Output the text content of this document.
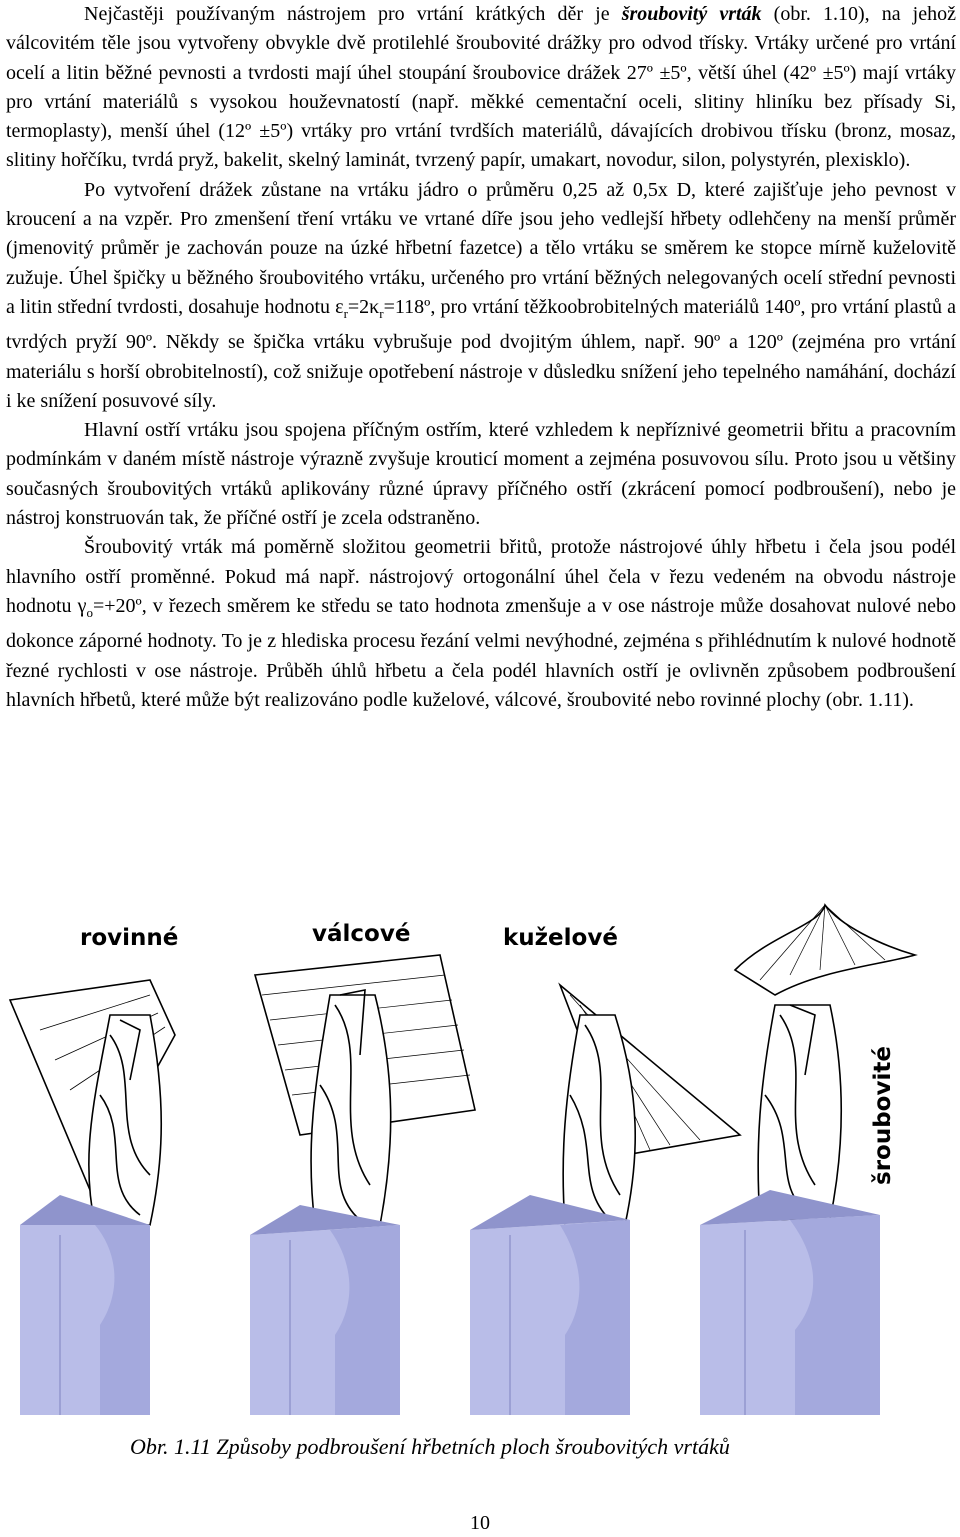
Nejčastěji používaným nástrojem pro vrtání krátkých děr je šroubovitý vrták (obr. 1.10), na jehož válcovitém těle jsou vytvořeny obvykle dvě protilehlé šroubovité drážky pro odvod třísky. Vrtáky určené pro vrtání ocelí a litin běžné pevnosti a tvrdosti mají úhel stoupání šroubovice drážek 27º ±5º, větší úhel (42º ±5º) mají vrtáky pro vrtání materiálů s vysokou houževnatostí (např. měkké cementační oceli, slitiny hliníku bez přísady Si, termoplasty), menší úhel (12º ±5º) vrtáky pro vrtání tvrdších materiálů, dávajících drobivou třísku (bronz, mosaz, slitiny hořčíku, tvrdá pryž, bakelit, skelný laminát, tvrzený papír, umakart, novodur, silon, polystyrén, plexisklo).

Po vytvoření drážek zůstane na vrtáku jádro o průměru 0,25 až 0,5x D, které zajišťuje jeho pevnost v kroucení a na vzpěr. Pro zmenšení tření vrtáku ve vrtané díře jsou jeho vedlejší hřbety odlehčeny na menší průměr (jmenovitý průměr je zachován pouze na úzké hřbetní fazetce) a tělo vrtáku se směrem ke stopce mírně kuželovitě zužuje. Úhel špičky u běžného šroubovitého vrtáku, určeného pro vrtání běžných nelegovaných ocelí střední pevnosti a litin střední tvrdosti, dosahuje hodnotu $\varepsilon_r=2\kappa_r=118º$, pro vrtání těžkoobrobitelných materiálů 140º, pro vrtání plastů a tvrdých pryží 90º. Někdy se špička vrtáku vybrušuje pod dvojitým úhlem, např. 90º a 120º (zejména pro vrtání materiálu s horší obrobitelností), což snižuje opotřebení nástroje v důsledku snížení jeho tepelného namáhání, dochází i ke snížení posuvové síly.

Hlavní ostří vrtáku jsou spojena příčným ostřím, které vzhledem k nepříznivé geometrii břitu a pracovním podmínkám v daném místě nástroje výrazně zvyšuje krouticí moment a zejména posuvovou sílu. Proto jsou u většiny současných šroubovitých vrtáků aplikovány různé úpravy příčného ostří (zkrácení pomocí podbroušení), nebo je nástroj konstruován tak, že příčné ostří je zcela odstraněno.

Šroubovitý vrták má poměrně složitou geometrii břitů, protože nástrojové úhly hřbetu i čela jsou podél hlavního ostří proměnné. Pokud má např. nástrojový ortogonální úhel čela v řezu vedeném na obvodu nástroje hodnotu $\gamma_o=+20º$, v řezech směrem ke středu se tato hodnota zmenšuje a v ose nástroje může dosahovat nulové nebo dokonce záporné hodnoty. To je z hlediska procesu řezání velmi nevýhodné, zejména s přihlédnutím k nulové hodnotě řezné rychlosti v ose nástroje. Průběh úhlů hřbetu a čela podél hlavních ostří je ovlivněn způsobem podbroušení hlavních hřbetů, které může být realizováno podle kuželové, válcové, šroubovité nebo rovinné plochy (obr. 1.11).

rovinné	válcové	kuželové
šroubovité
Obr. 1.11 Způsoby podbroušení hřbetních ploch šroubovitých vrtáků
10
